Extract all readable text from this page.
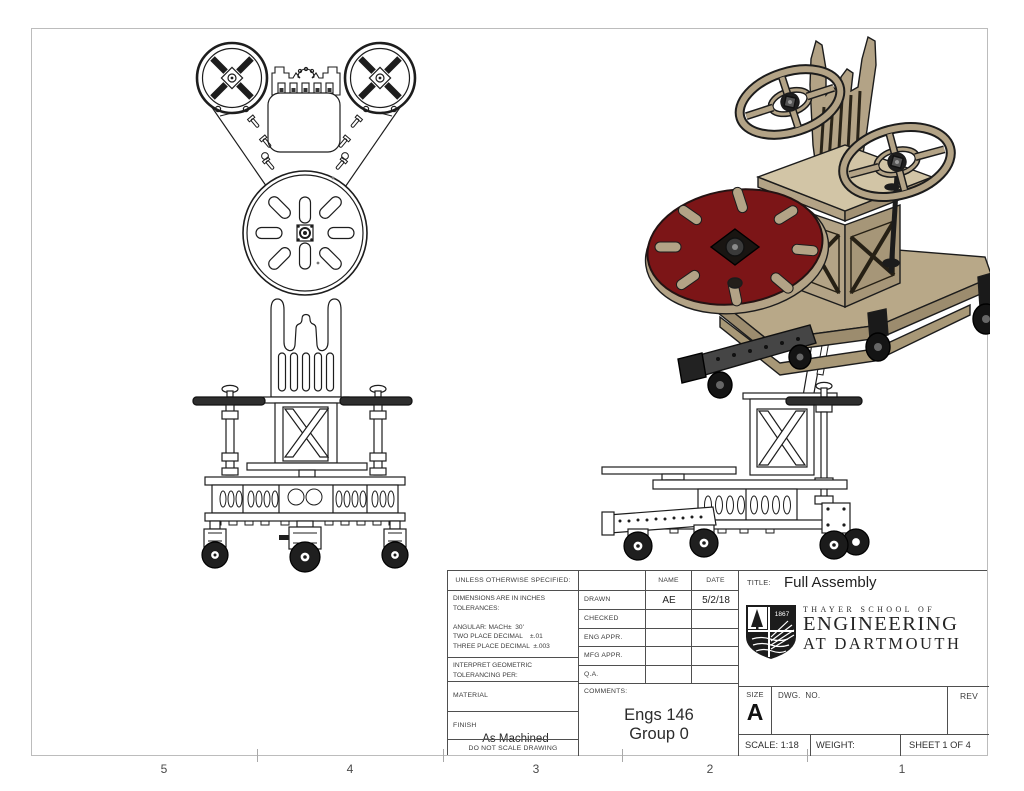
UNLESS OTHERWISE SPECIFIED:
DIMENSIONS ARE IN INCHES
TOLERANCES:

ANGULAR: MACH±  30'
TWO PLACE DECIMAL    ±.01
THREE PLACE DECIMAL  ±.003
INTERPRET GEOMETRIC
TOLERANCING PER:
MATERIAL
FINISH
As Machined
DO NOT SCALE DRAWING
NAME	DATE
DRAWN	AE	5/2/18
CHECKED
ENG APPR.
MFG APPR.
Q.A.
COMMENTS:
Engs 146
Group 0
TITLE: Full Assembly
1867
THAYER SCHOOL OF
ENGINEERING
AT DARTMOUTH
SIZE
A
DWG.  NO.	REV
SCALE: 1:18 WEIGHT:	SHEET 1 OF 4
5	4	3	2	1
